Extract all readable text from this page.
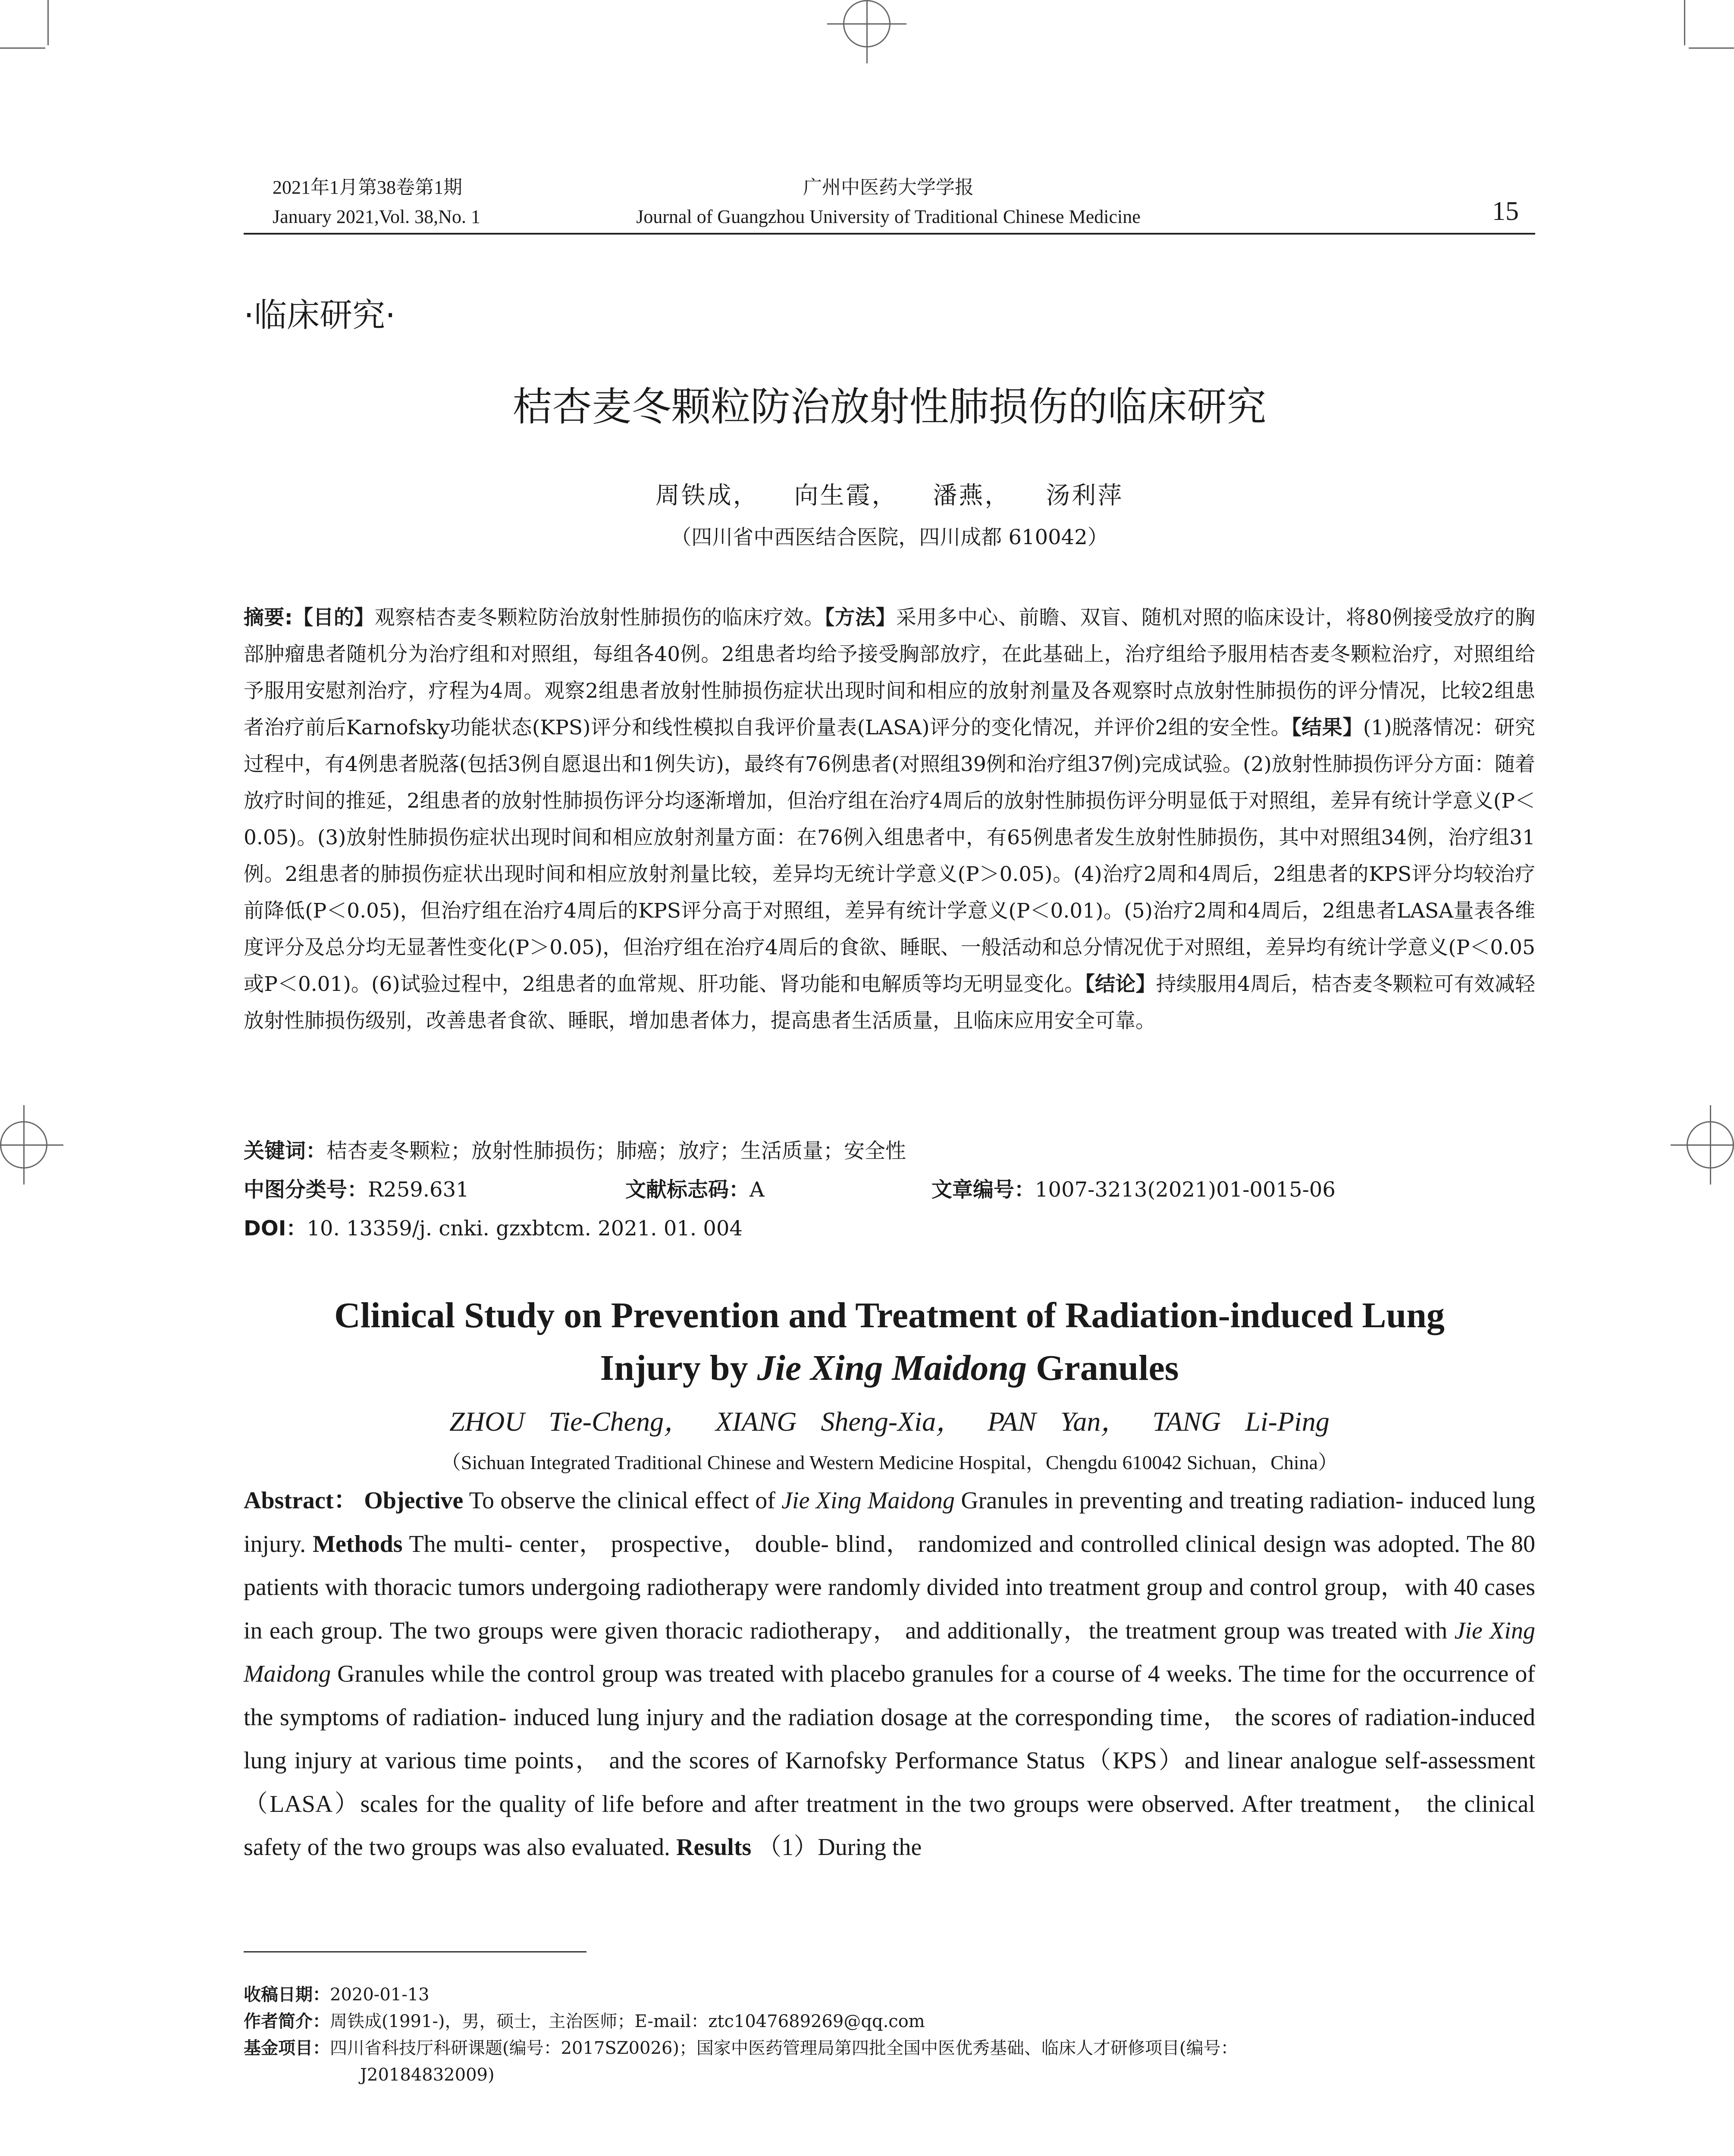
2021年1月第38卷第1期
January 2021,Vol. 38,No. 1
广州中医药大学学报
Journal of Guangzhou University of Traditional Chinese Medicine	15
·临床研究·
桔杏麦冬颗粒防治放射性肺损伤的临床研究
周铁成， 向生霞， 潘燕， 汤利萍
（四川省中西医结合医院，四川成都 610042）
摘要:【目的】观察桔杏麦冬颗粒防治放射性肺损伤的临床疗效。【方法】采用多中心、前瞻、双盲、随机对照的临床设计，将80例接受放疗的胸部肿瘤患者随机分为治疗组和对照组，每组各40例。2组患者均给予接受胸部放疗，在此基础上，治疗组给予服用桔杏麦冬颗粒治疗，对照组给予服用安慰剂治疗，疗程为4周。观察2组患者放射性肺损伤症状出现时间和相应的放射剂量及各观察时点放射性肺损伤的评分情况，比较2组患者治疗前后Karnofsky功能状态(KPS)评分和线性模拟自我评价量表(LASA)评分的变化情况，并评价2组的安全性。【结果】(1)脱落情况：研究过程中，有4例患者脱落(包括3例自愿退出和1例失访)，最终有76例患者(对照组39例和治疗组37例)完成试验。(2)放射性肺损伤评分方面：随着放疗时间的推延，2组患者的放射性肺损伤评分均逐渐增加，但治疗组在治疗4周后的放射性肺损伤评分明显低于对照组，差异有统计学意义(P＜0.05)。(3)放射性肺损伤症状出现时间和相应放射剂量方面：在76例入组患者中，有65例患者发生放射性肺损伤，其中对照组34例，治疗组31例。2组患者的肺损伤症状出现时间和相应放射剂量比较，差异均无统计学意义(P＞0.05)。(4)治疗2周和4周后，2组患者的KPS评分均较治疗前降低(P＜0.05)，但治疗组在治疗4周后的KPS评分高于对照组，差异有统计学意义(P＜0.01)。(5)治疗2周和4周后，2组患者LASA量表各维度评分及总分均无显著性变化(P＞0.05)，但治疗组在治疗4周后的食欲、睡眠、一般活动和总分情况优于对照组，差异均有统计学意义(P＜0.05或P＜0.01)。(6)试验过程中，2组患者的血常规、肝功能、肾功能和电解质等均无明显变化。【结论】持续服用4周后，桔杏麦冬颗粒可有效减轻放射性肺损伤级别，改善患者食欲、睡眠，增加患者体力，提高患者生活质量，且临床应用安全可靠。
关键词：桔杏麦冬颗粒；放射性肺损伤；肺癌；放疗；生活质量；安全性
中图分类号：R259.631	文献标志码：A	文章编号：1007-3213(2021)01-0015-06
DOI：10. 13359/j. cnki. gzxbtcm. 2021. 01. 004
Clinical Study on Prevention and Treatment of Radiation-induced Lung
Injury by Jie Xing Maidong Granules
ZHOU Tie-Cheng， XIANG Sheng-Xia， PAN Yan， TANG Li-Ping
（Sichuan Integrated Traditional Chinese and Western Medicine Hospital，Chengdu 610042 Sichuan，China）
Abstract： Objective To observe the clinical effect of Jie Xing Maidong Granules in preventing and treating radiation- induced lung injury. Methods The multi- center， prospective， double- blind， randomized and controlled clinical design was adopted. The 80 patients with thoracic tumors undergoing radiotherapy were randomly divided into treatment group and control group，with 40 cases in each group. The two groups were given thoracic radiotherapy， and additionally，the treatment group was treated with Jie Xing Maidong Granules while the control group was treated with placebo granules for a course of 4 weeks. The time for the occurrence of the symptoms of radiation- induced lung injury and the radiation dosage at the corresponding time， the scores of radiation-induced lung injury at various time points， and the scores of Karnofsky Performance Status（KPS）and linear analogue self-assessment（LASA）scales for the quality of life before and after treatment in the two groups were observed. After treatment， the clinical safety of the two groups was also evaluated. Results （1）During the
收稿日期：2020-01-13
作者简介：周铁成(1991-)，男，硕士，主治医师；E-mail：ztc1047689269@qq.com
基金项目：四川省科技厅科研课题(编号：2017SZ0026)；国家中医药管理局第四批全国中医优秀基础、临床人才研修项目(编号：
J20184832009)
